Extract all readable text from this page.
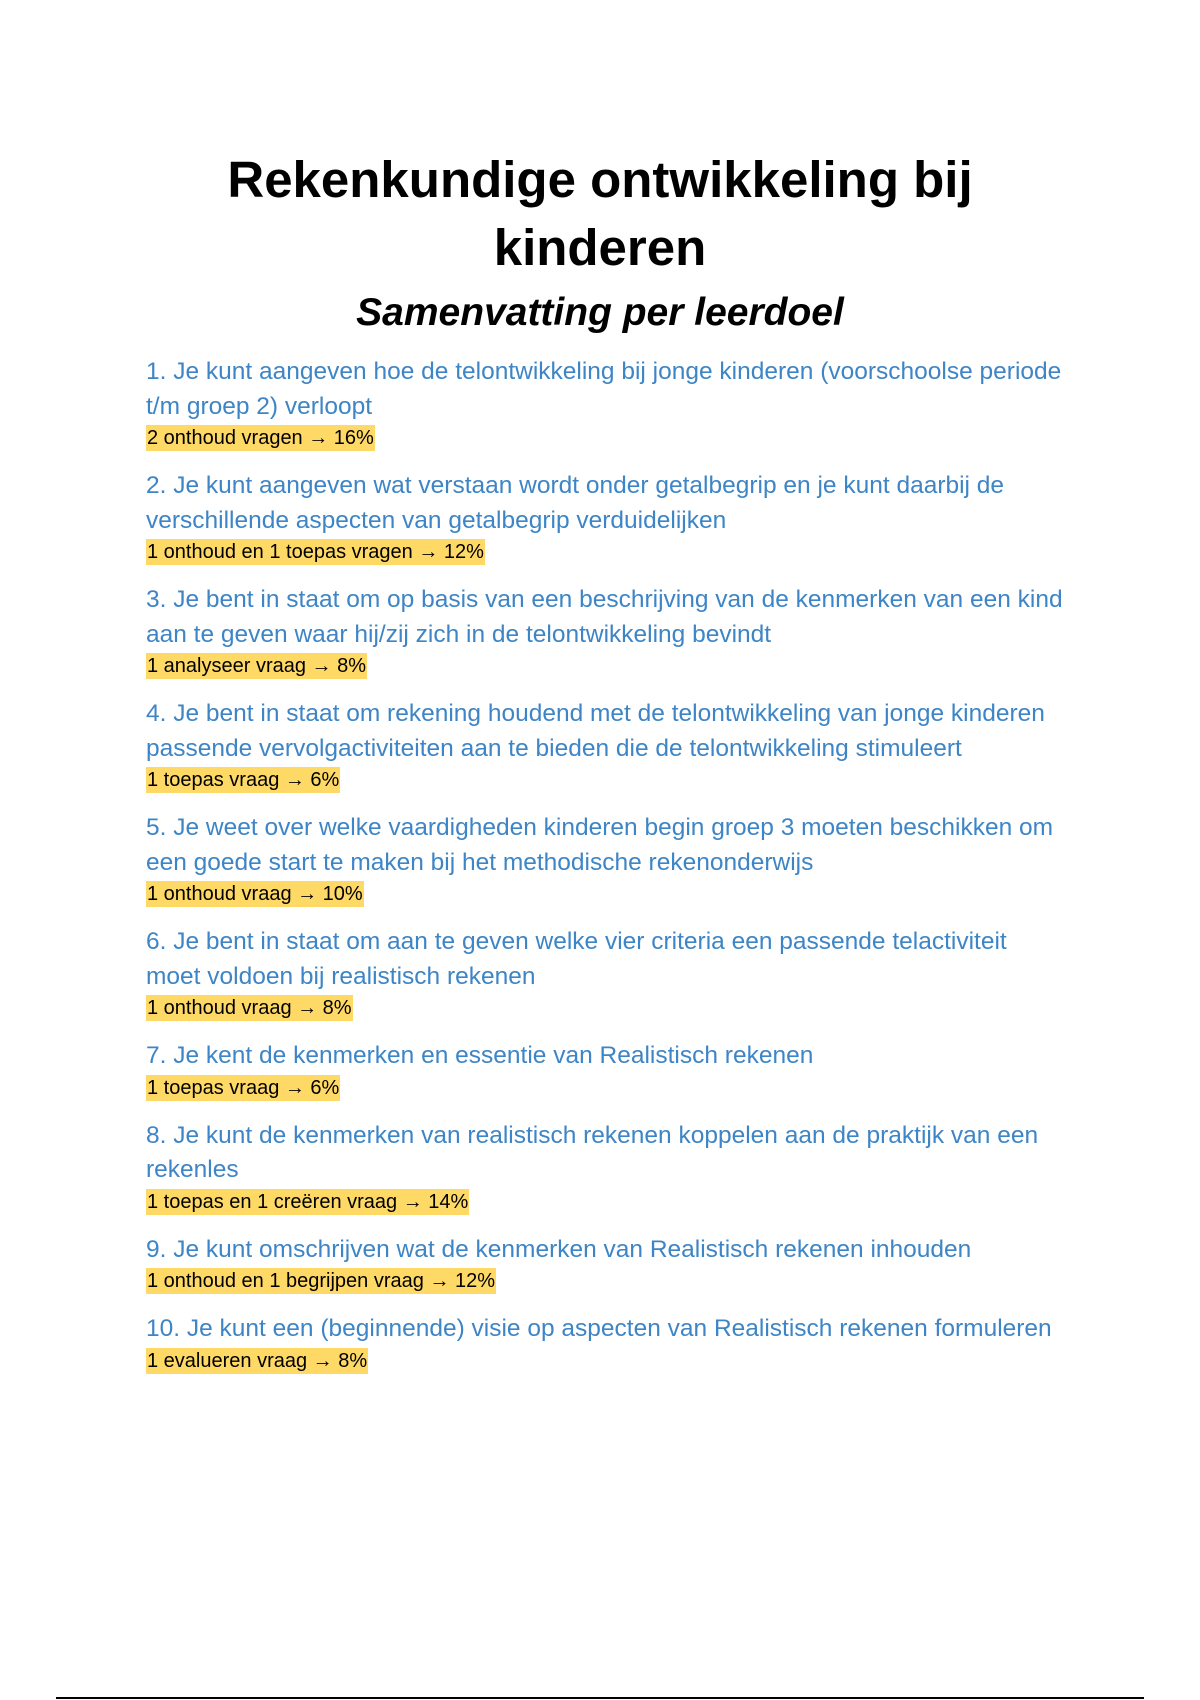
Rekenkundige ontwikkeling bij
kinderen
Samenvatting per leerdoel
1. Je kunt aangeven hoe de telontwikkeling bij jonge kinderen (voorschoolse periode t/m groep 2) verloopt
2 onthoud vragen → 16%
2. Je kunt aangeven wat verstaan wordt onder getalbegrip en je kunt daarbij de verschillende aspecten van getalbegrip verduidelijken
1 onthoud en 1 toepas vragen → 12%
3. Je bent in staat om op basis van een beschrijving van de kenmerken van een kind aan te geven waar hij/zij zich in de telontwikkeling bevindt
1 analyseer vraag → 8%
4. Je bent in staat om rekening houdend met de telontwikkeling van jonge kinderen passende vervolgactiviteiten aan te bieden die de telontwikkeling stimuleert
1 toepas vraag → 6%
5. Je weet over welke vaardigheden kinderen begin groep 3 moeten beschikken om een goede start te maken bij het methodische rekenonderwijs
1 onthoud vraag → 10%
6. Je bent in staat om aan te geven welke vier criteria een passende telactiviteit moet voldoen bij realistisch rekenen
1 onthoud vraag → 8%
7. Je kent de kenmerken en essentie van Realistisch rekenen
1 toepas vraag → 6%
8. Je kunt de kenmerken van realistisch rekenen koppelen aan de praktijk van een rekenles
1 toepas en 1 creëren vraag → 14%
9. Je kunt omschrijven wat de kenmerken van Realistisch rekenen inhouden
1 onthoud en 1 begrijpen vraag → 12%
10. Je kunt een (beginnende) visie op aspecten van Realistisch rekenen formuleren
1 evalueren vraag → 8%
